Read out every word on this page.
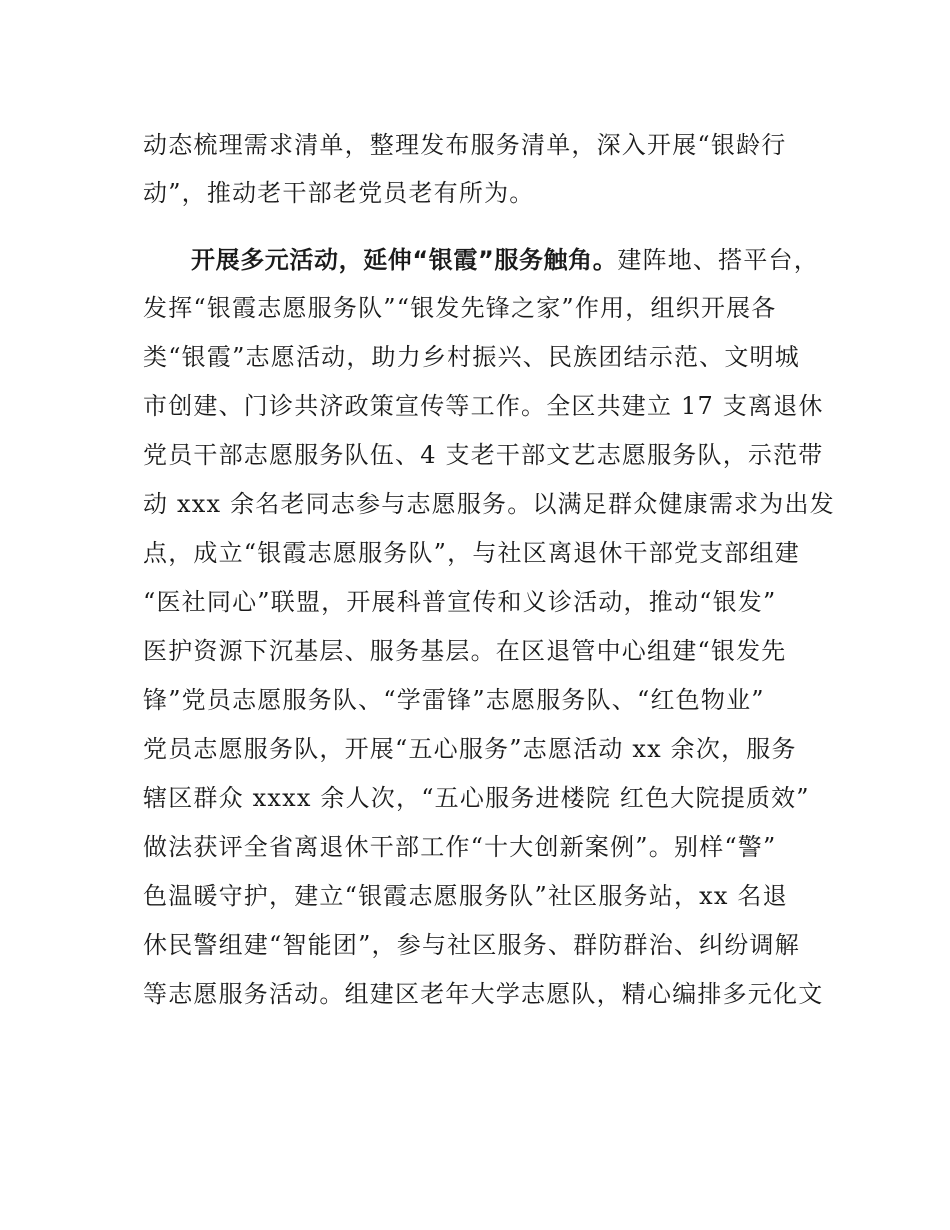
动态梳理需求清单，整理发布服务清单，深入开展“银龄行
动”，推动老干部老党员老有所为。
开展多元活动，延伸“银霞”服务触角。建阵地、搭平台，
发挥“银霞志愿服务队”“银发先锋之家”作用，组织开展各
类“银霞”志愿活动，助力乡村振兴、民族团结示范、文明城
市创建、门诊共济政策宣传等工作。全区共建立 17 支离退休
党员干部志愿服务队伍、4 支老干部文艺志愿服务队，示范带
动 xxx 余名老同志参与志愿服务。以满足群众健康需求为出发
点，成立“银霞志愿服务队”，与社区离退休干部党支部组建
“医社同心”联盟，开展科普宣传和义诊活动，推动“银发”
医护资源下沉基层、服务基层。在区退管中心组建“银发先
锋”党员志愿服务队、“学雷锋”志愿服务队、“红色物业”
党员志愿服务队，开展“五心服务”志愿活动 xx 余次，服务
辖区群众 xxxx 余人次，“五心服务进楼院 红色大院提质效”
做法获评全省离退休干部工作“十大创新案例”。别样“警”
色温暖守护，建立“银霞志愿服务队”社区服务站，xx 名退
休民警组建“智能团”，参与社区服务、群防群治、纠纷调解
等志愿服务活动。组建区老年大学志愿队，精心编排多元化文
